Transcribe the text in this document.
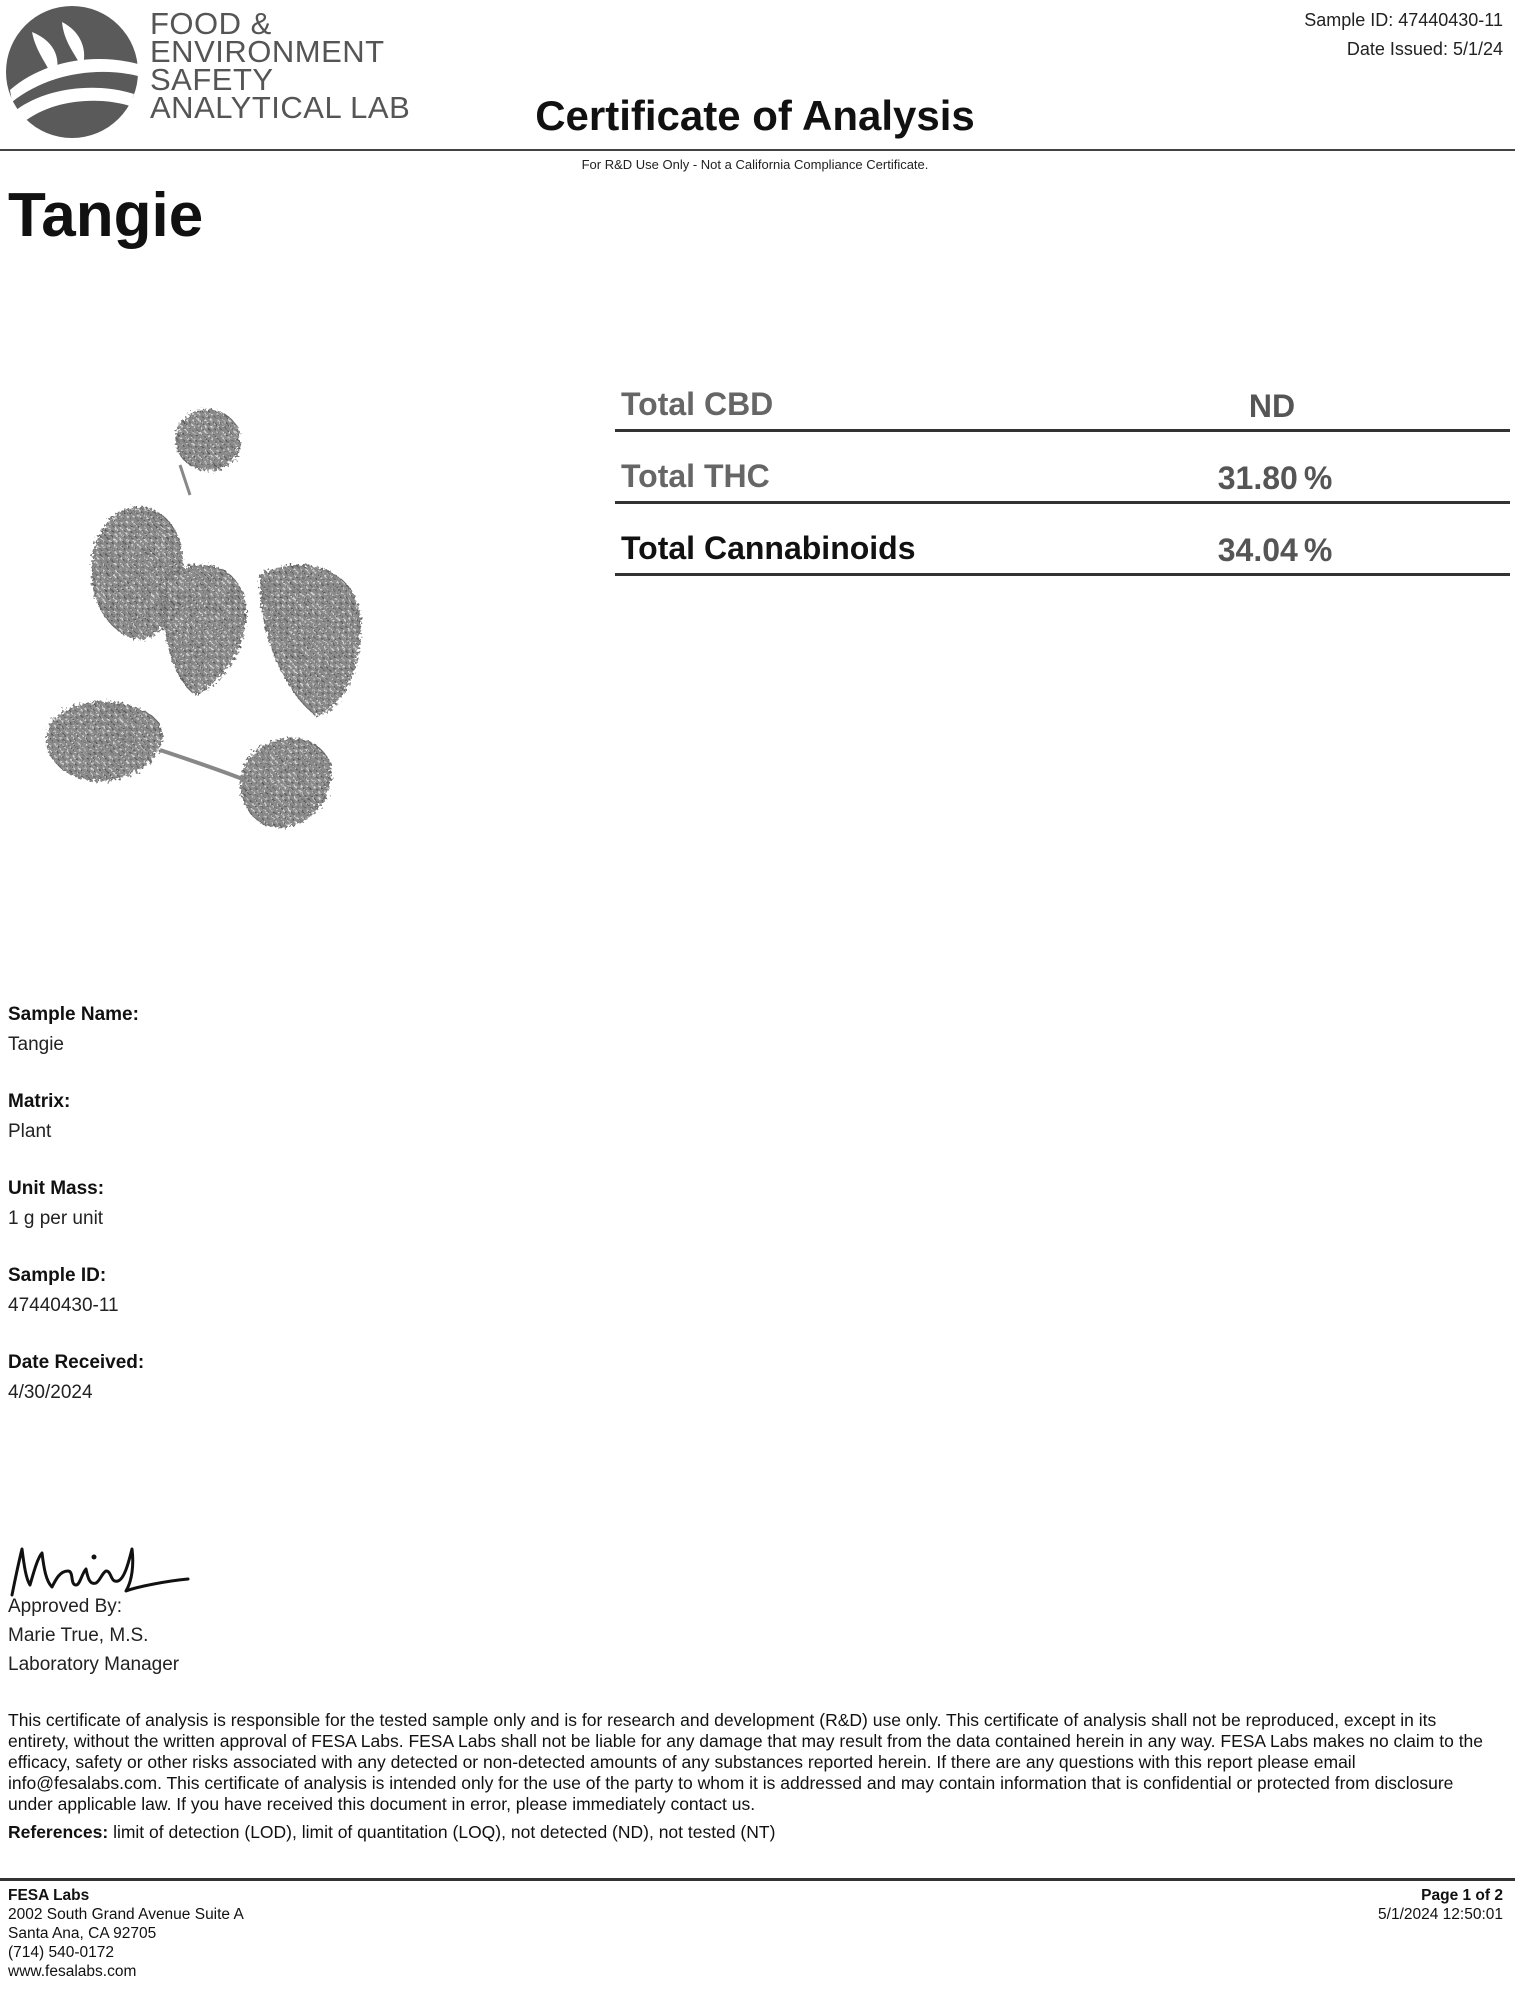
FOOD &
ENVIRONMENT
SAFETY
ANALYTICAL LAB
Sample ID: 47440430-11
Date Issued: 5/1/24
Certificate of Analysis
For R&D Use Only - Not a California Compliance Certificate.
Tangie
Total CBD	ND
Total THC	31.80 %
Total Cannabinoids	34.04 %
Sample Name:
Tangie
Matrix:
Plant
Unit Mass:
1 g per unit
Sample ID:
47440430-11
Date Received:
4/30/2024
Approved By:
Marie True, M.S.
Laboratory Manager
This certificate of analysis is responsible for the tested sample only and is for research and development (R&D) use only. This certificate of analysis shall not be reproduced, except in its entirety, without the written approval of FESA Labs. FESA Labs shall not be liable for any damage that may result from the data contained herein in any way. FESA Labs makes no claim to the efficacy, safety or other risks associated with any detected or non-detected amounts of any substances reported herein. If there are any questions with this report please email info@fesalabs.com. This certificate of analysis is intended only for the use of the party to whom it is addressed and may contain information that is confidential or protected from disclosure under applicable law. If you have received this document in error, please immediately contact us.
References: limit of detection (LOD), limit of quantitation (LOQ), not detected (ND), not tested (NT)
FESA Labs
2002 South Grand Avenue Suite A
Santa Ana, CA 92705
(714) 540-0172
www.fesalabs.com
Page 1 of 2
5/1/2024 12:50:01
